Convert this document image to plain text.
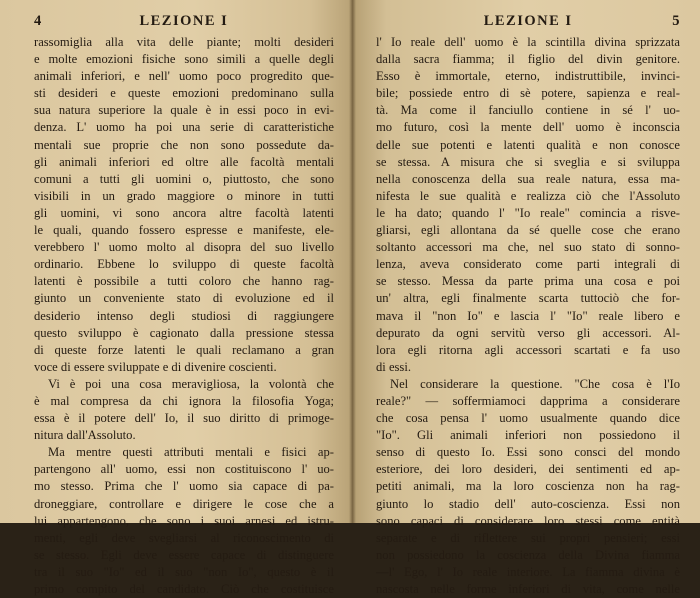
4	LEZIONE I
rassomiglia alla vita delle piante; molti desideri
e molte emozioni fisiche sono simili a quelle degli
animali inferiori, e nell' uomo poco progredito que-
sti desideri e queste emozioni predominano sulla
sua natura superiore la quale è in essi poco in evi-
denza. L' uomo ha poi una serie di caratteristiche
mentali sue proprie che non sono possedute da-
gli animali inferiori ed oltre alle facoltà mentali
comuni a tutti gli uomini o, piuttosto, che sono
visibili in un grado maggiore o minore in tutti
gli uomini, vi sono ancora altre facoltà latenti
le quali, quando fossero espresse e manifeste, ele-
verebbero l' uomo molto al disopra del suo livello
ordinario. Ebbene lo sviluppo di queste facoltà
latenti è possibile a tutti coloro che hanno rag-
giunto un conveniente stato di evoluzione ed il
desiderio intenso degli studiosi di raggiungere
questo sviluppo è cagionato dalla pressione stessa
di queste forze latenti le quali reclamano a gran
voce di essere sviluppate e di divenire coscienti.
Vi è poi una cosa meravigliosa, la volontà che
è mal compresa da chi ignora la filosofia Yoga;
essa è il potere dell' Io, il suo diritto di primoge-
nitura dall'Assoluto.
Ma mentre questi attributi mentali e fisici ap-
partengono all' uomo, essi non costituiscono l' uo-
mo stesso. Prima che l' uomo sia capace di pa-
droneggiare, controllare e dirigere le cose che a
lui appartengono, che sono i suoi arnesi ed istru-
menti, egli deve svegliarsi al riconoscimento di
se stesso. Egli deve essere capace di distinguere
tra il suo "Io" ed il suo "non Io", questo è il
primo compito del candidato. Ciò che costituisce
LEZIONE I	5
l' Io reale dell' uomo è la scintilla divina sprizzata
dalla sacra fiamma; il figlio del divin genitore.
Esso è immortale, eterno, indistruttibile, invinci-
bile; possiede entro di sè potere, sapienza e real-
tà. Ma come il fanciullo contiene in sé l' uo-
mo futuro, così la mente dell' uomo è inconscia
delle sue potenti e latenti qualità e non conosce
se stessa. A misura che si sveglia e si sviluppa
nella conoscenza della sua reale natura, essa ma-
nifesta le sue qualità e realizza ciò che l'Assoluto
le ha dato; quando l' "Io reale" comincia a risve-
gliarsi, egli allontana da sé quelle cose che erano
soltanto accessori ma che, nel suo stato di sonno-
lenza, aveva considerato come parti integrali di
se stesso. Messa da parte prima una cosa e poi
un' altra, egli finalmente scarta tuttociò che for-
mava il "non Io" e lascia l' "Io" reale libero e
depurato da ogni servitù verso gli accessori. Al-
lora egli ritorna agli accessori scartati e fa uso
di essi.
Nel considerare la questione. "Che cosa è l'Io
reale?" — soffermiamoci dapprima a considerare
che cosa pensa l' uomo usualmente quando dice
"Io". Gli animali inferiori non possiedono il
senso di questo Io. Essi sono consci del mondo
esteriore, dei loro desideri, dei sentimenti ed ap-
petiti animali, ma la loro coscienza non ha rag-
giunto lo stadio dell' auto-coscienza. Essi non
sono capaci di considerare loro stessi come entità
separate e di riflettere sui propri pensieri; essi
non possiedono la coscienza della Divina fiamma
—l' Ego, l' Io reale interiore. La fiamma divina è
nascosta nelle forme inferiori di vita, come nelle
